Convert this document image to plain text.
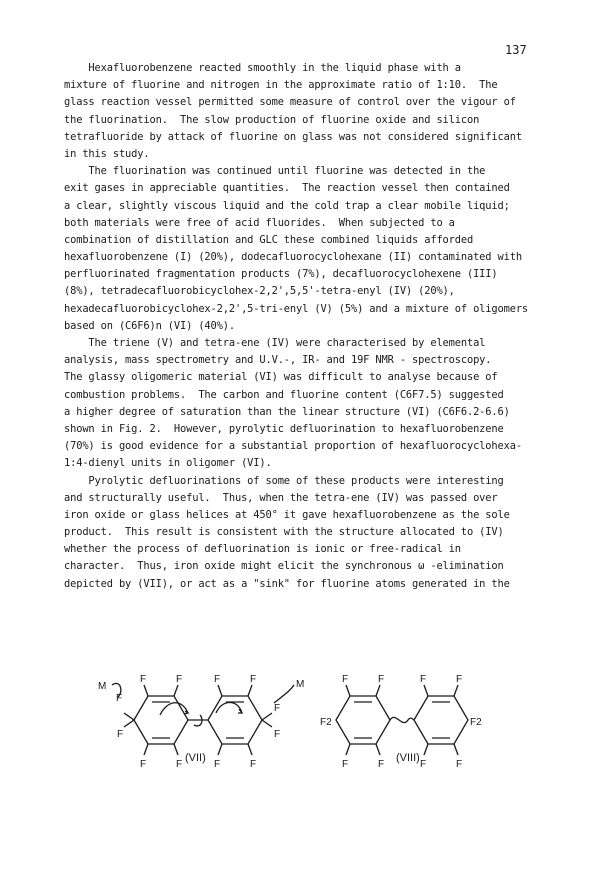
137
Hexafluorobenzene reacted smoothly in the liquid phase with a
mixture of fluorine and nitrogen in the approximate ratio of 1:10.  The
glass reaction vessel permitted some measure of control over the vigour of
the fluorination.  The slow production of fluorine oxide and silicon
tetrafluoride by attack of fluorine on glass was not considered significant
in this study.
The fluorination was continued until fluorine was detected in the
exit gases in appreciable quantities.  The reaction vessel then contained
a clear, slightly viscous liquid and the cold trap a clear mobile liquid;
both materials were free of acid fluorides.  When subjected to a
combination of distillation and GLC these combined liquids afforded
hexafluorobenzene (I) (20%), dodecafluorocyclohexane (II) contaminated with
perfluorinated fragmentation products (7%), decafluorocyclohexene (III)
(8%), tetradecafluorobicyclohex-2,2',5,5'-tetra-enyl (IV) (20%),
hexadecafluorobicyclohex-2,2',5-tri-enyl (V) (5%) and a mixture of oligomers
based on (C6F6)n (VI) (40%).
The triene (V) and tetra-ene (IV) were characterised by elemental
analysis, mass spectrometry and U.V.-, IR- and 19F NMR - spectroscopy.
The glassy oligomeric material (VI) was difficult to analyse because of
combustion problems.  The carbon and fluorine content (C6F7.5) suggested
a higher degree of saturation than the linear structure (VI) (C6F6.2-6.6)
shown in Fig. 2.  However, pyrolytic defluorination to hexafluorobenzene
(70%) is good evidence for a substantial proportion of hexafluorocyclohexa-
1:4-dienyl units in oligomer (VI).
Pyrolytic defluorinations of some of these products were interesting
and structurally useful.  Thus, when the tetra-ene (IV) was passed over
iron oxide or glass helices at 450° it gave hexafluorobenzene as the sole
product.  This result is consistent with the structure allocated to (IV)
whether the process of defluorination is ionic or free-radical in
character.  Thus, iron oxide might elicit the synchronous ω -elimination
depicted by (VII), or act as a "sink" for fluorine atoms generated in the
M
F
F
F	F
F	F
F	F
F	F
F
F
M
F2
F	F
F	F
F	F
F	F
F2
(VII)	(VIII)
